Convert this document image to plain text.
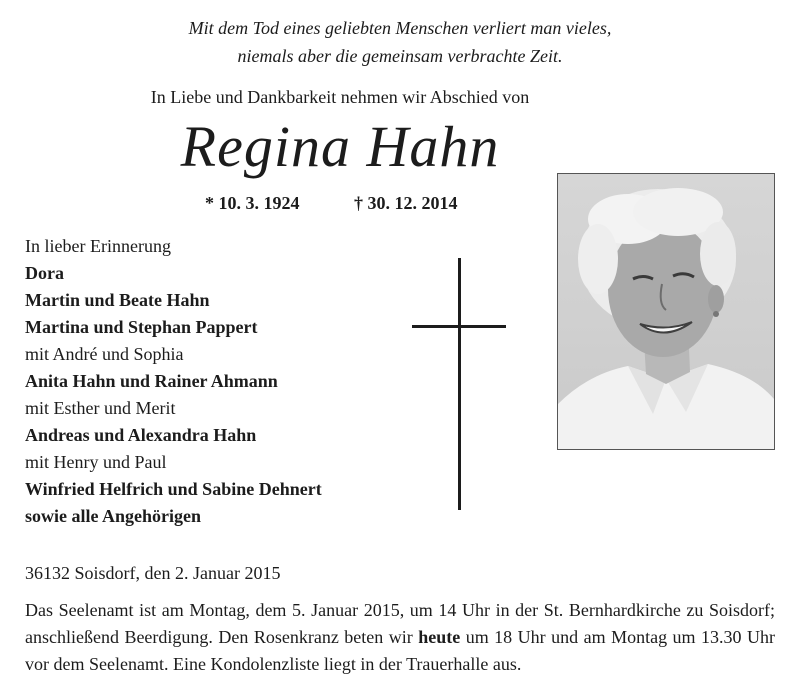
Mit dem Tod eines geliebten Menschen verliert man vieles,
niemals aber die gemeinsam verbrachte Zeit.
In Liebe und Dankbarkeit nehmen wir Abschied von
Regina Hahn
* 10. 3. 1924	† 30. 12. 2014
In lieber Erinnerung
Dora
Martin und Beate Hahn
Martina und Stephan Pappert
mit André und Sophia
Anita Hahn und Rainer Ahmann
mit Esther und Merit
Andreas und Alexandra Hahn
mit Henry und Paul
Winfried Helfrich und Sabine Dehnert
sowie alle Angehörigen
36132 Soisdorf, den 2. Januar 2015
Das Seelenamt ist am Montag, dem 5. Januar 2015, um 14 Uhr in der St. Bernhardkirche zu Soisdorf; anschließend Beerdigung. Den Rosenkranz beten wir heute um 18 Uhr und am Montag um 13.30 Uhr vor dem Seelenamt. Eine Kondolenzliste liegt in der Trauerhalle aus.
